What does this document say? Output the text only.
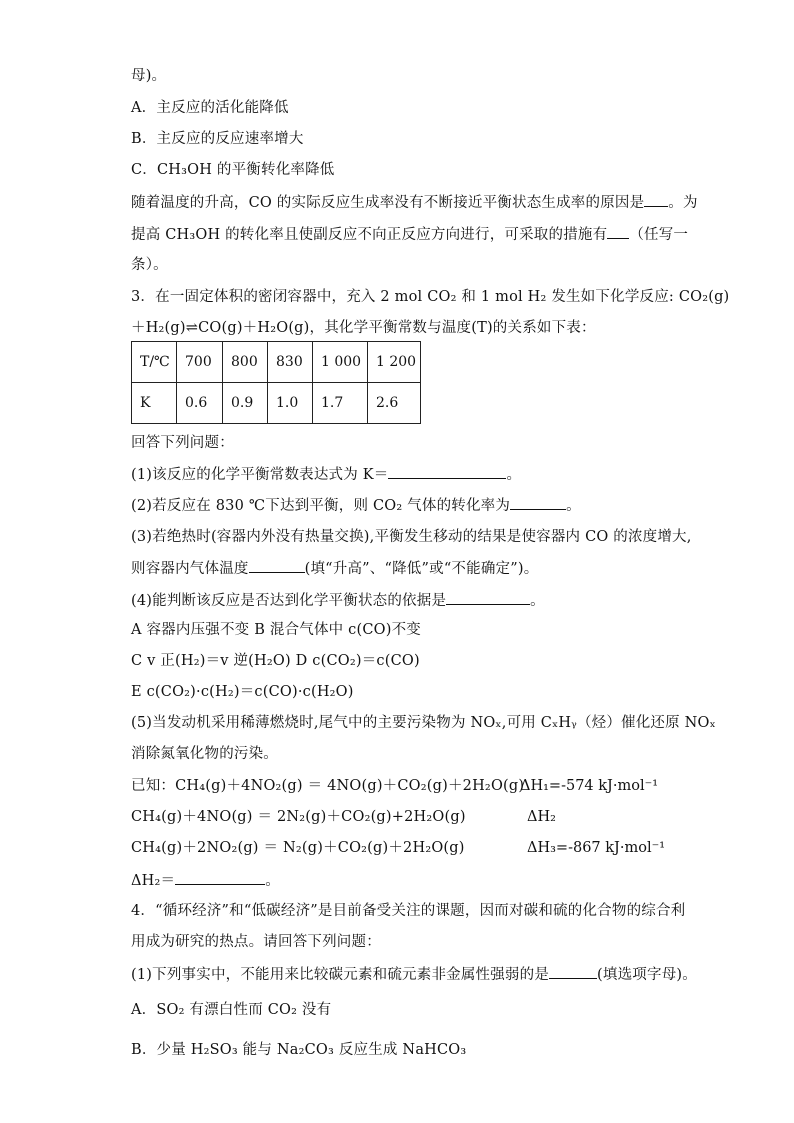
母)。
A．主反应的活化能降低
B．主反应的反应速率增大
C．CH₃OH 的平衡转化率降低
随着温度的升高，CO 的实际反应生成率没有不断接近平衡状态生成率的原因是 。为
提高 CH₃OH 的转化率且使副反应不向正反应方向进行，可采取的措施有 （任写一
条）。
3．在一固定体积的密闭容器中，充入 2 mol CO₂ 和 1 mol H₂ 发生如下化学反应: CO₂(g)
＋H₂(g)⇌CO(g)＋H₂O(g)，其化学平衡常数与温度(T)的关系如下表：
T/℃	700	800	830	1 000	1 200
K	0.6	0.9	1.0	1.7	2.6
回答下列问题：
(1)该反应的化学平衡常数表达式为 K＝	。
(2)若反应在 830 ℃下达到平衡，则 CO₂ 气体的转化率为	。
(3)若绝热时(容器内外没有热量交换),平衡发生移动的结果是使容器内 CO 的浓度增大,
则容器内气体温度	(填“升高”、“降低”或“不能确定”)。
(4)能判断该反应是否达到化学平衡状态的依据是	。
A 容器内压强不变 B 混合气体中 c(CO)不变
C v 正(H₂)＝v 逆(H₂O) D c(CO₂)＝c(CO)
E c(CO₂)·c(H₂)＝c(CO)·c(H₂O)
(5)当发动机采用稀薄燃烧时,尾气中的主要污染物为 NOₓ,可用 CₓHᵧ（烃）催化还原 NOₓ
消除氮氧化物的污染。
已知：CH₄(g)＋4NO₂(g) ＝ 4NO(g)＋CO₂(g)＋2H₂O(g)
ΔH₁=-574 kJ·mol⁻¹
CH₄(g)＋4NO(g) ＝ 2N₂(g)＋CO₂(g)+2H₂O(g)	ΔH₂
CH₄(g)＋2NO₂(g) ＝ N₂(g)＋CO₂(g)＋2H₂O(g)	ΔH₃=-867 kJ·mol⁻¹
ΔH₂＝	。
4．“循环经济”和“低碳经济”是目前备受关注的课题，因而对碳和硫的化合物的综合利
用成为研究的热点。请回答下列问题：
(1)下列事实中，不能用来比较碳元素和硫元素非金属性强弱的是	(填选项字母)。
A．SO₂ 有漂白性而 CO₂ 没有
B．少量 H₂SO₃ 能与 Na₂CO₃ 反应生成 NaHCO₃
